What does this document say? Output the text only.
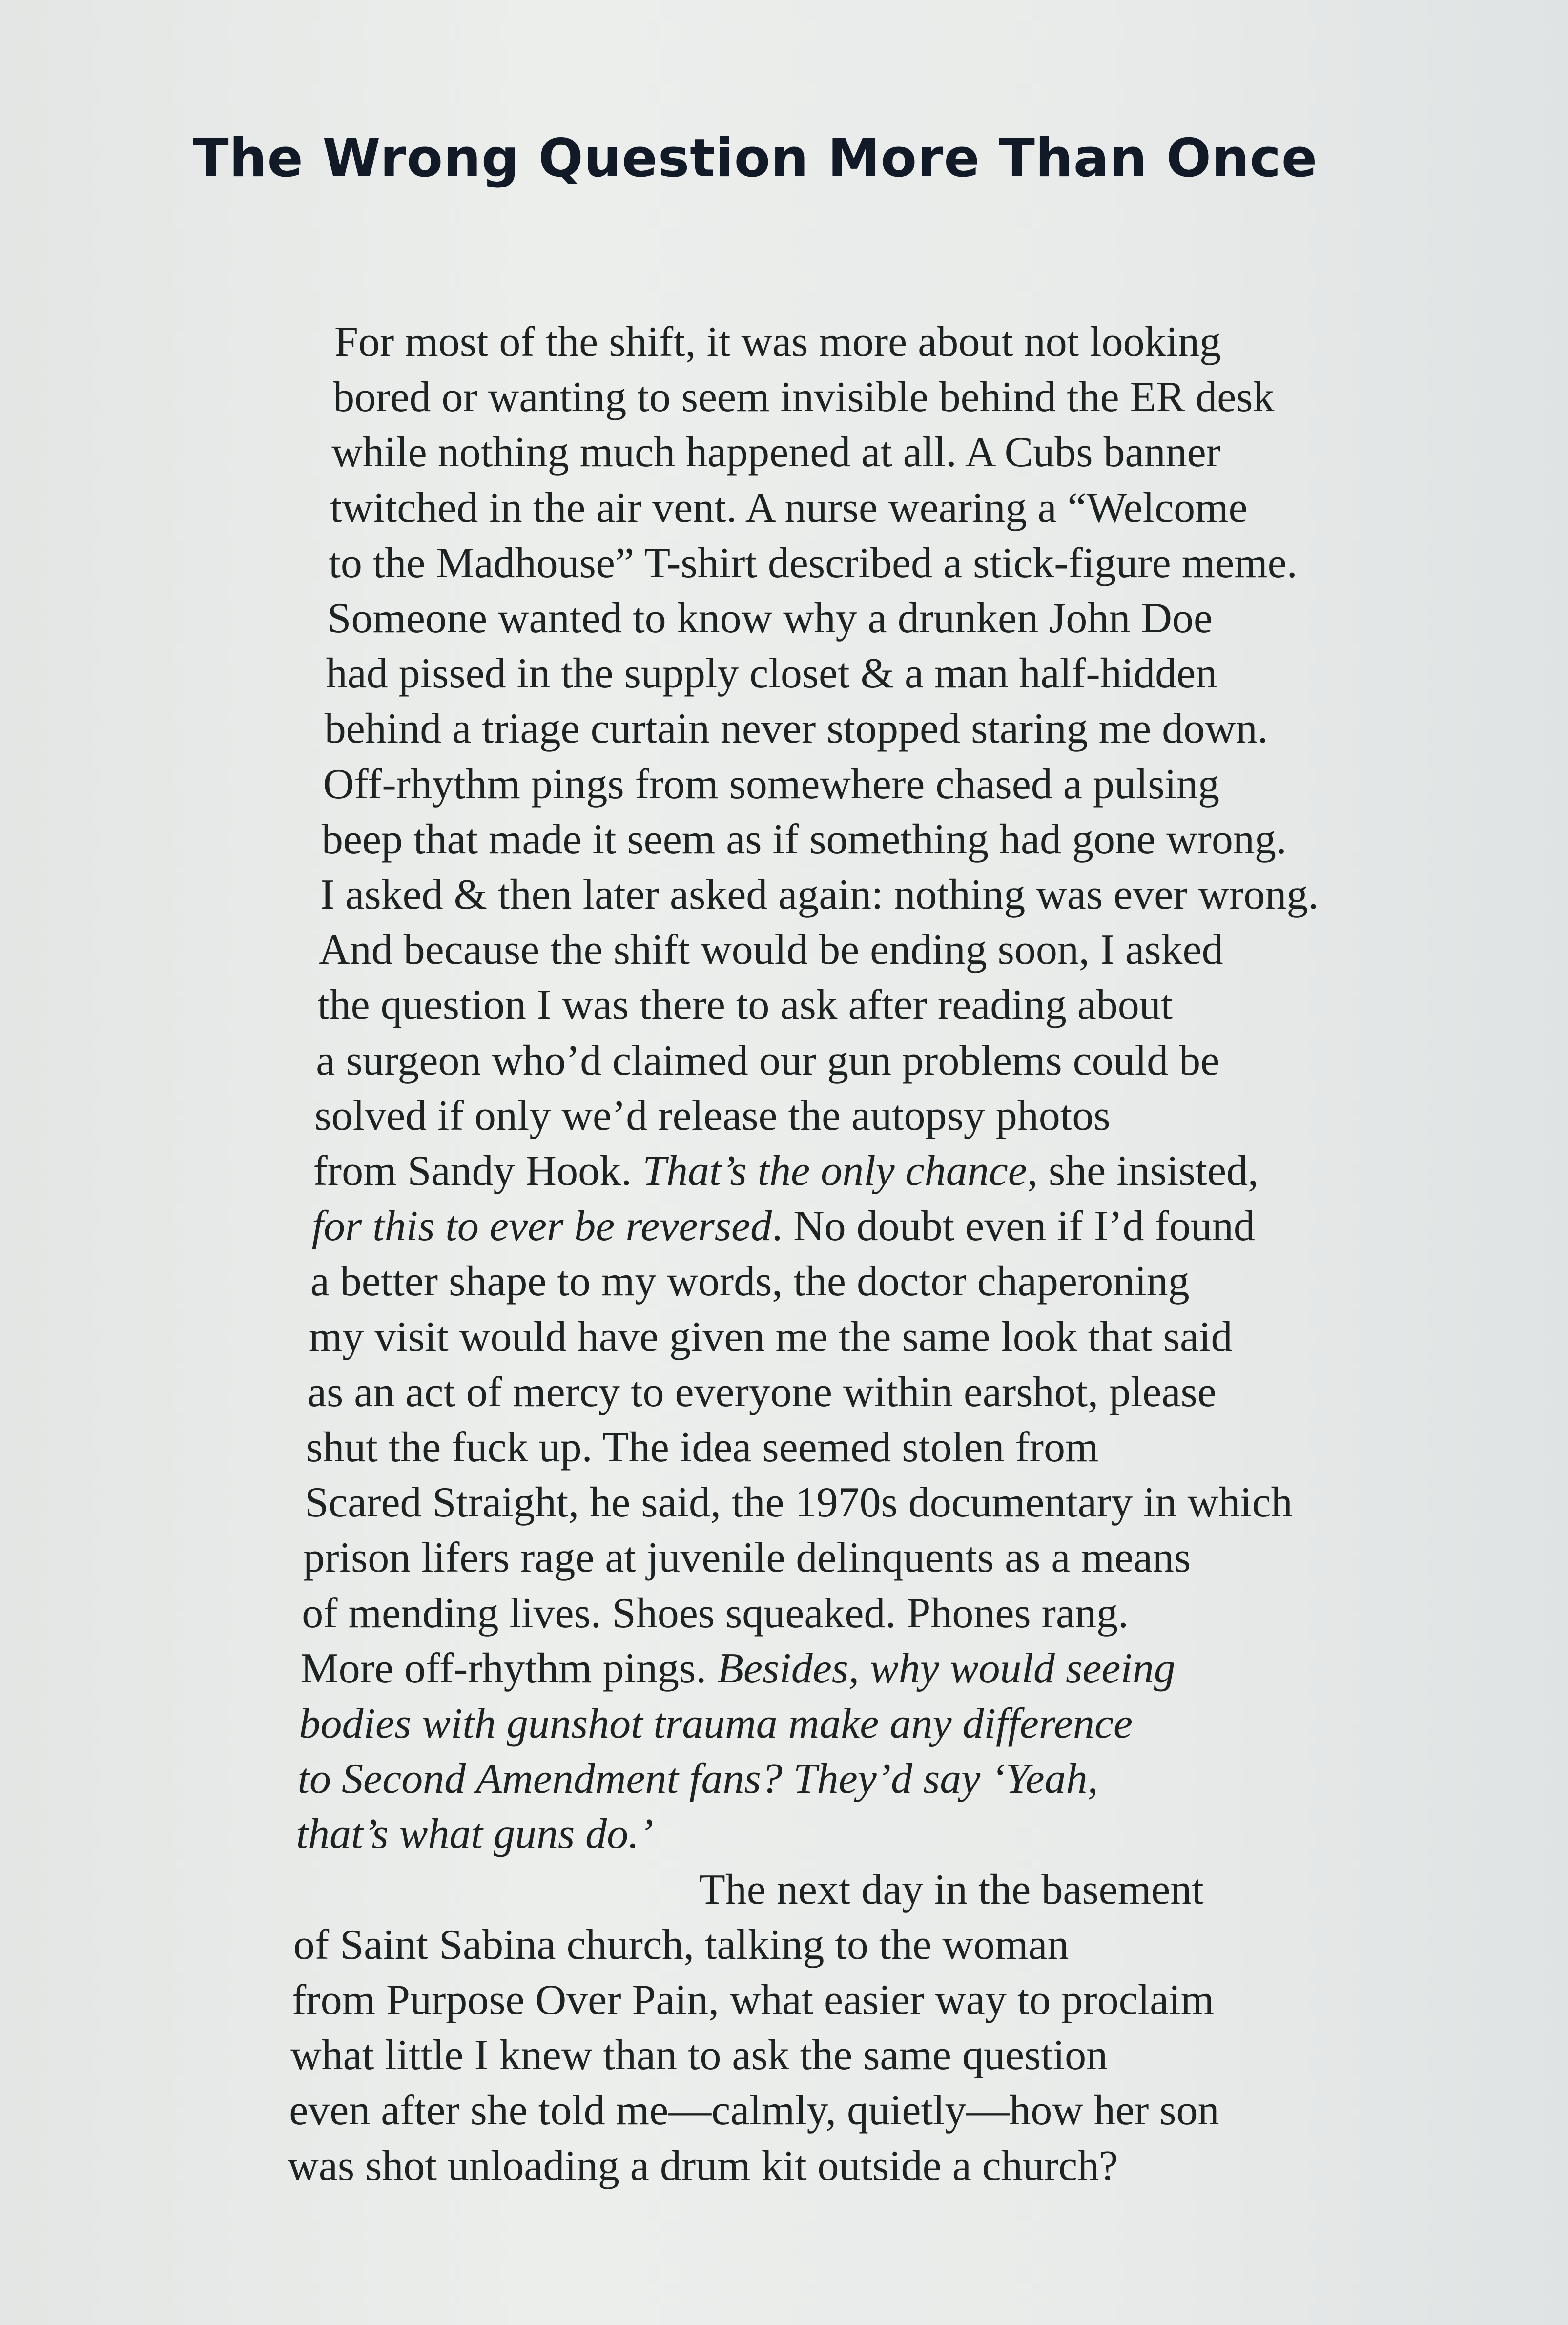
The Wrong Question More Than Once
For most of the shift, it was more about not looking
bored or wanting to seem invisible behind the ER desk
while nothing much happened at all. A Cubs banner
twitched in the air vent. A nurse wearing a “Welcome
to the Madhouse” T-shirt described a stick-figure meme.
Someone wanted to know why a drunken John Doe
had pissed in the supply closet & a man half-hidden
behind a triage curtain never stopped staring me down.
Off-rhythm pings from somewhere chased a pulsing
beep that made it seem as if something had gone wrong.
I asked & then later asked again: nothing was ever wrong.
And because the shift would be ending soon, I asked
the question I was there to ask after reading about
a surgeon who’d claimed our gun problems could be
solved if only we’d release the autopsy photos
from Sandy Hook. That’s the only chance, she insisted,
for this to ever be reversed. No doubt even if I’d found
a better shape to my words, the doctor chaperoning
my visit would have given me the same look that said
as an act of mercy to everyone within earshot, please
shut the fuck up. The idea seemed stolen from
Scared Straight, he said, the 1970s documentary in which
prison lifers rage at juvenile delinquents as a means
of mending lives. Shoes squeaked. Phones rang.
More off-rhythm pings. Besides, why would seeing
bodies with gunshot trauma make any difference
to Second Amendment fans? They’d say ‘Yeah,
that’s what guns do.’
The next day in the basement
of Saint Sabina church, talking to the woman
from Purpose Over Pain, what easier way to proclaim
what little I knew than to ask the same question
even after she told me—calmly, quietly—how her son
was shot unloading a drum kit outside a church?
